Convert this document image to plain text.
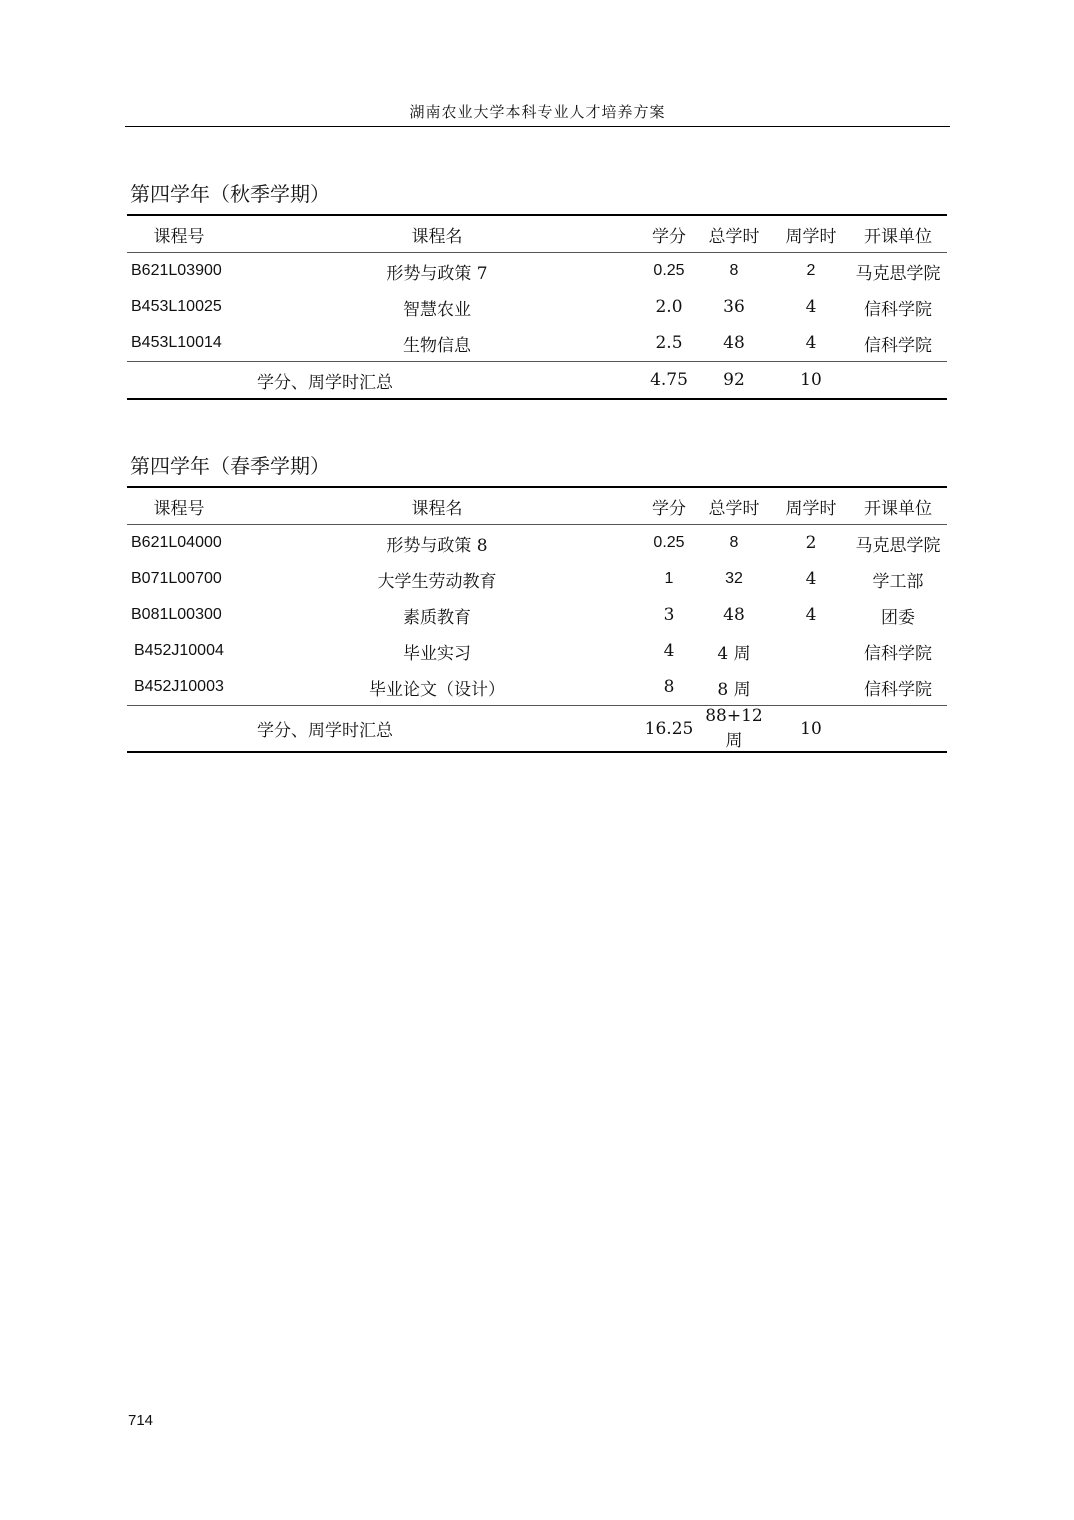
湖南农业大学本科专业人才培养方案
第四学年（秋季学期）
课程号	课程名	学分	总学时	周学时	开课单位
B621L03900	形势与政策 7	0.25	8	2	马克思学院
B453L10025	智慧农业	2.0	36	4	信科学院
B453L10014	生物信息	2.5	48	4	信科学院
学分、周学时汇总		4.75	92	10	
第四学年（春季学期）
课程号	课程名	学分	总学时	周学时	开课单位
B621L04000	形势与政策 8	0.25	8	2	马克思学院
B071L00700	大学生劳动教育	1	32	4	学工部
B081L00300	素质教育	3	48	4	团委
B452J10004	毕业实习	4	4 周		信科学院
B452J10003	毕业论文（设计）	8	8 周		信科学院
学分、周学时汇总		16.25	88+12 周	10	
714
